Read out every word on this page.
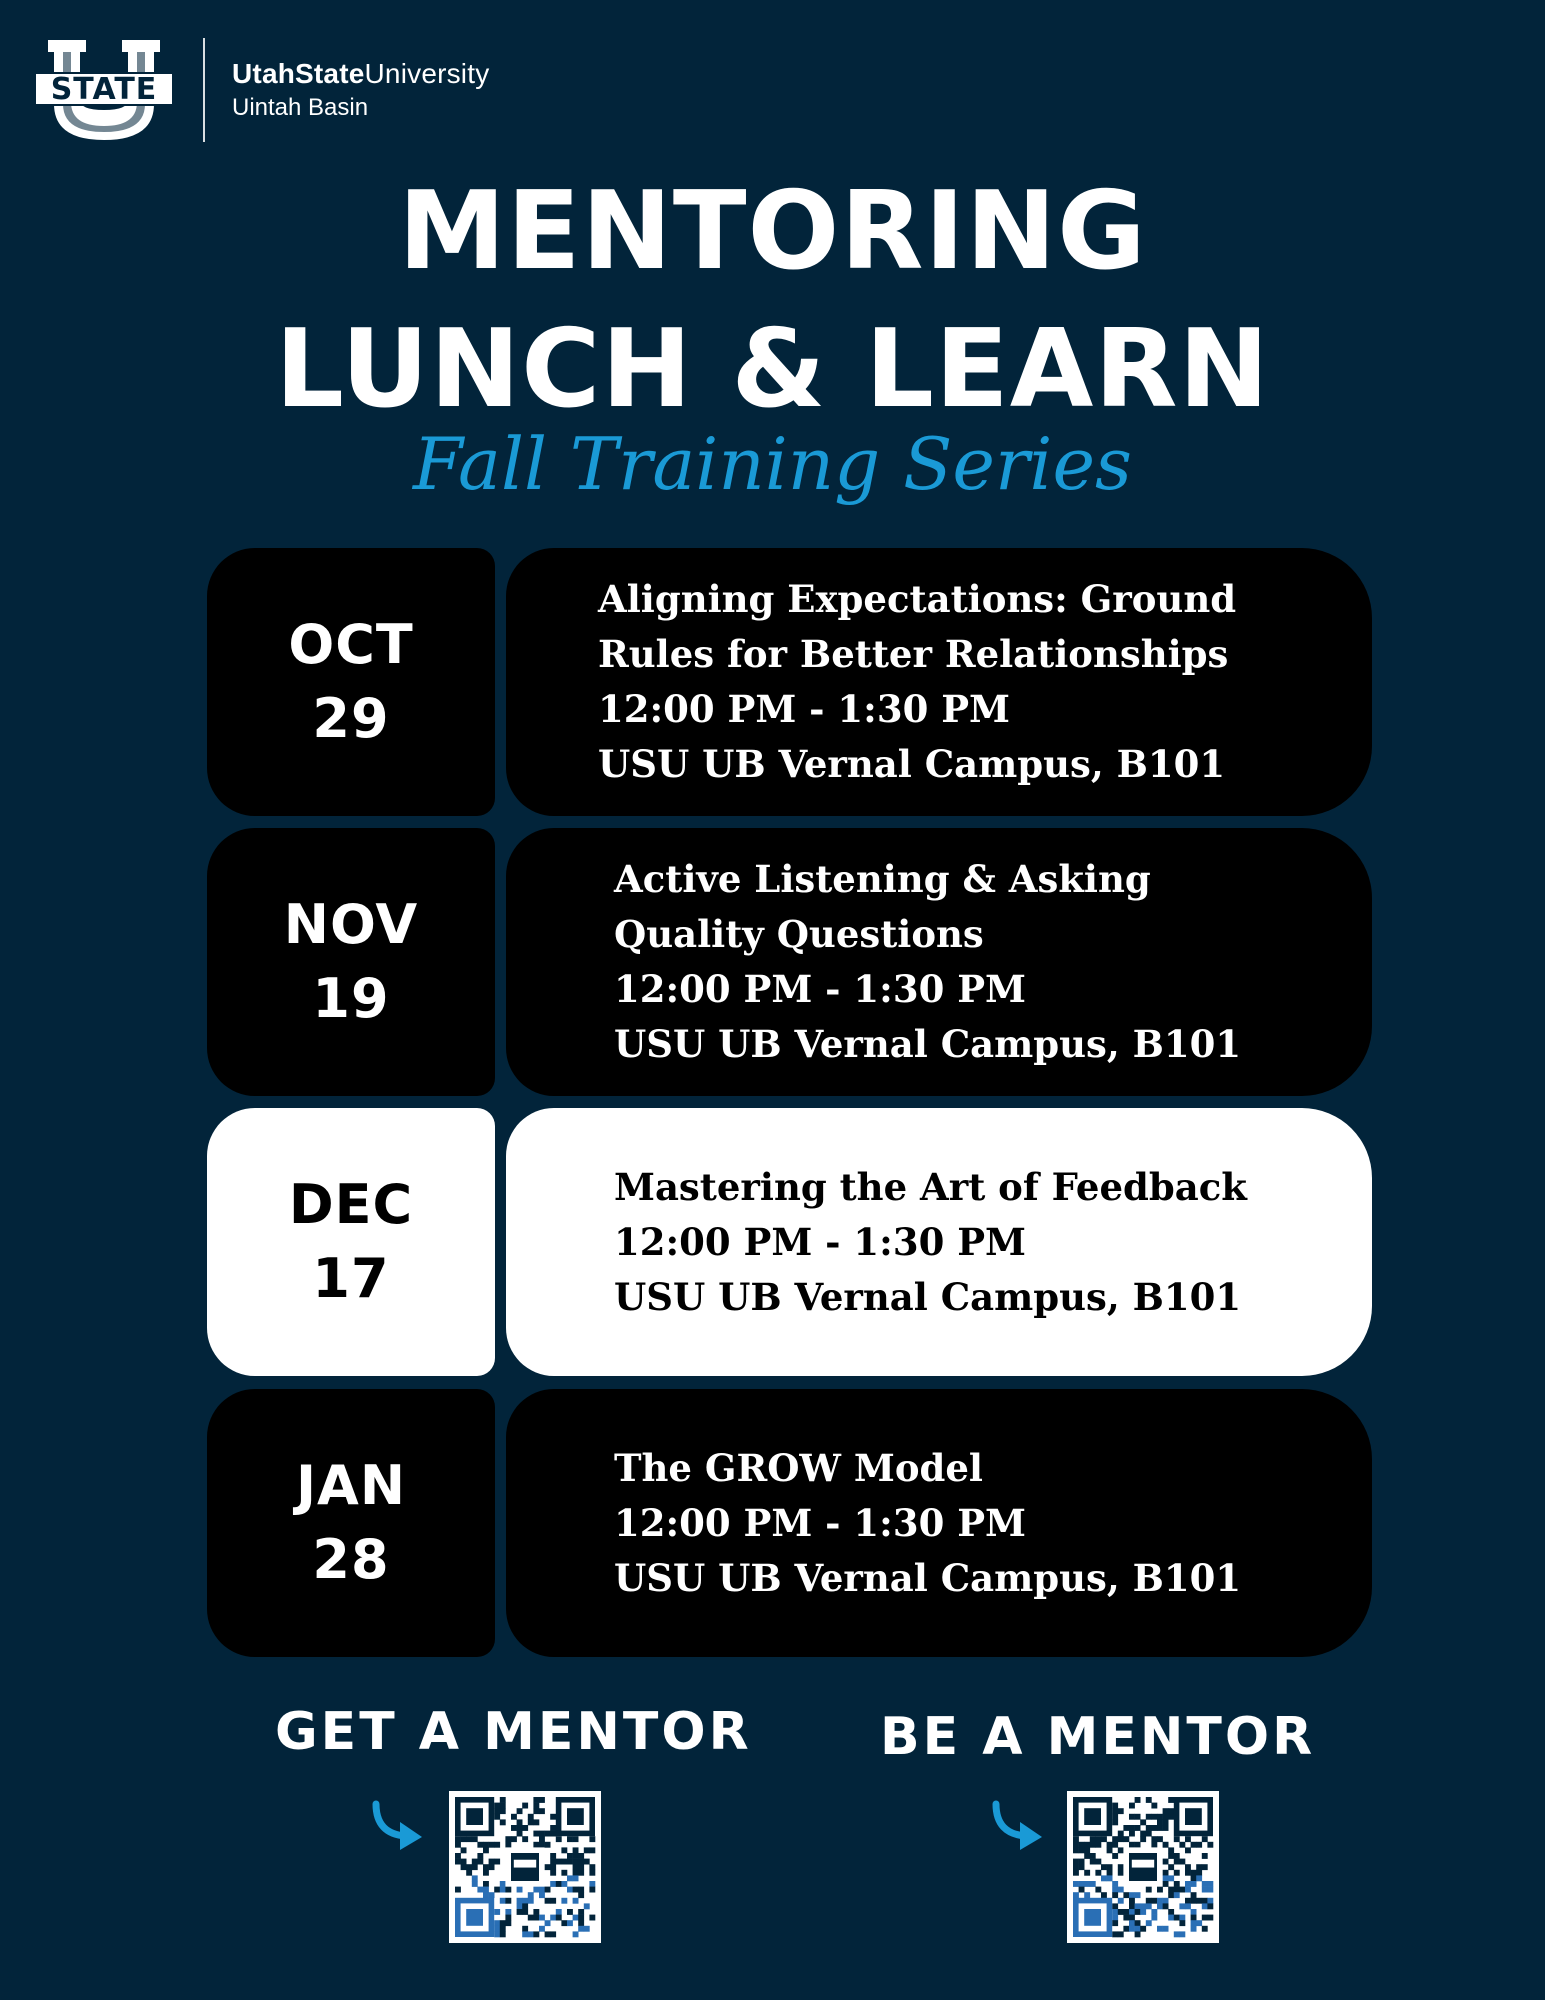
STATE	UtahStateUniversity
Uintah Basin
MENTORING
LUNCH & LEARN
Fall Training Series
OCT
29
Aligning Expectations: Ground
Rules for Better Relationships
12:00 PM - 1:30 PM
USU UB Vernal Campus, B101
NOV
19
Active Listening & Asking
Quality Questions
12:00 PM - 1:30 PM
USU UB Vernal Campus, B101
DEC
17
Mastering the Art of Feedback
12:00 PM - 1:30 PM
USU UB Vernal Campus, B101
JAN
28
The GROW Model
12:00 PM - 1:30 PM
USU UB Vernal Campus, B101
GET A MENTOR BE A MENTOR
